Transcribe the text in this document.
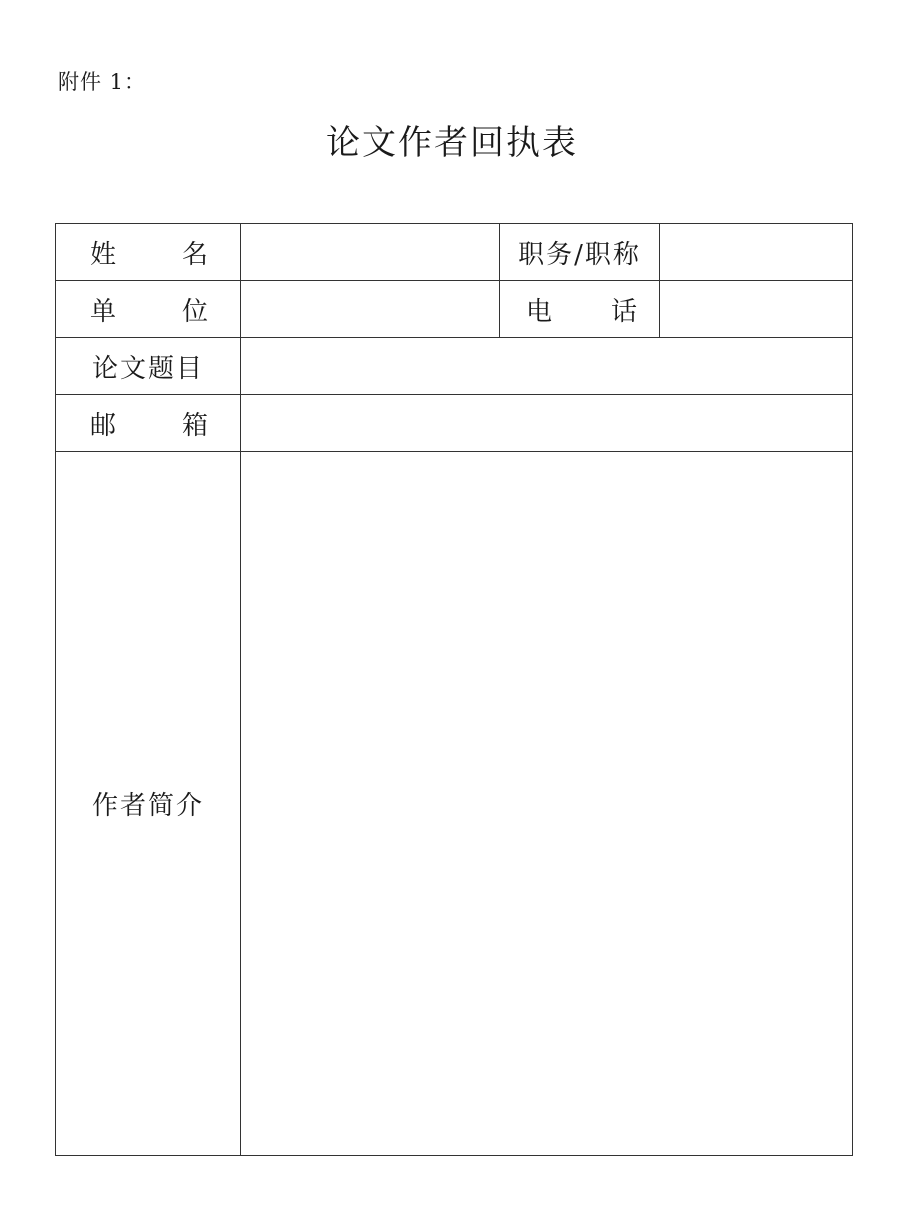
附件 1：
论文作者回执表
姓 名		职务/职称	

单 位		电 话	

论文题目			

邮 箱			

作者简介			
